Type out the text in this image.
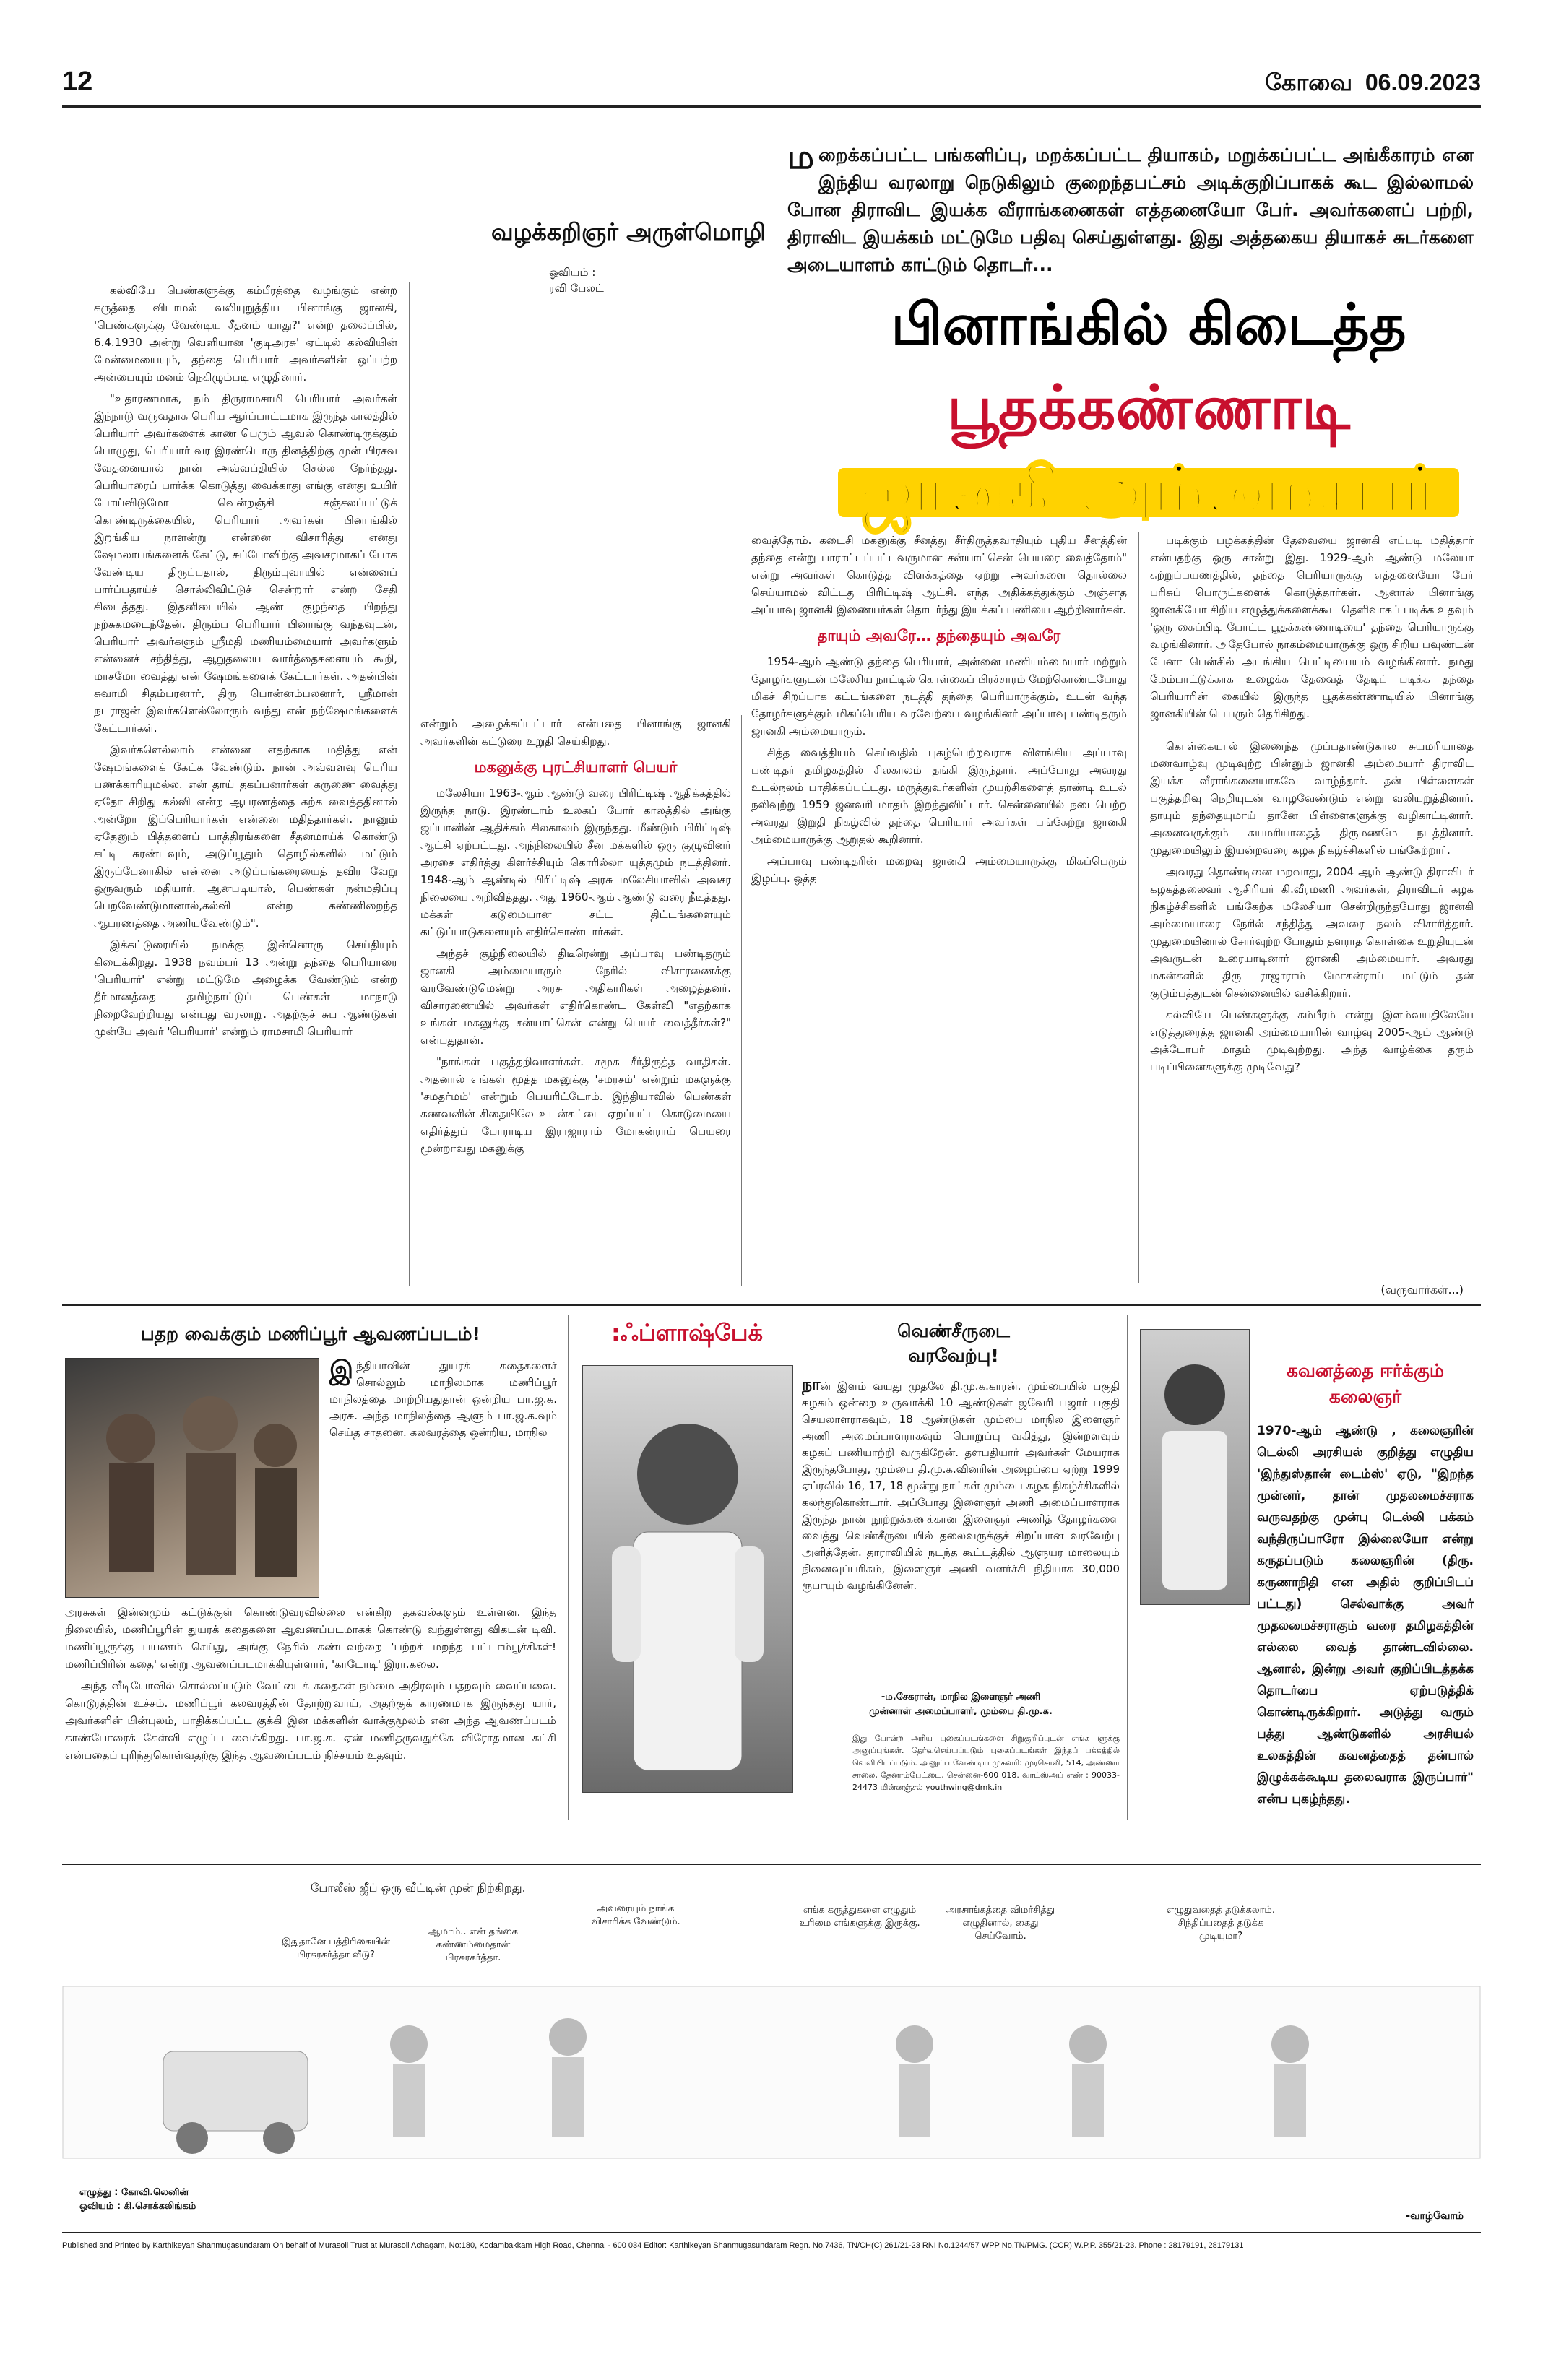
12	கோவை  06.09.2023
ம றைக்கப்பட்ட பங்களிப்பு, மறக்கப்பட்ட தியாகம், மறுக்கப்பட்ட அங்கீகாரம் என இந்திய வரலாறு நெடுகிலும் குறைந்தபட்சம் அடிக்குறிப்பாகக் கூட இல்லாமல் போன திராவிட இயக்க வீராங்கனைகள் எத்தனையோ பேர். அவர்களைப் பற்றி, திராவிட இயக்கம் மட்டுமே பதிவு செய்துள்ளது. இது அத்தகைய தியாகச் சுடர்களை அடையாளம் காட்டும் தொடர்...
வழக்கறிஞர் அருள்மொழி
ஓவியம் :
ரவி பேலட்
பினாங்கில் கிடைத்த
பூதக்கண்ணாடி
ஜானகி அம்மையார்

கல்வியே பெண்களுக்கு கம்பீரத்தை வழங்கும் என்ற கருத்தை விடாமல் வலியுறுத்திய பினாங்கு ஜானகி, 'பெண்களுக்கு வேண்டிய சீதனம் யாது?' என்ற தலைப்பில், 6.4.1930 அன்று வெளியான 'குடிஅரசு' ஏட்டில் கல்வியின் மேன்மையையும், தந்தை பெரியார் அவர்களின் ஒப்பற்ற அன்பையும் மனம் நெகிழும்படி எழுதினார்.

"உதாரணமாக, நம் திருராமசாமி பெரியார் அவர்கள் இந்நாடு வருவதாக பெரிய ஆர்ப்பாட்டமாக இருந்த காலத்தில் பெரியார் அவர்களைக் காண பெரும் ஆவல் கொண்டிருக்கும் பொழுது, பெரியார் வர இரண்டொரு தினத்திற்கு முன் பிரசவ வேதனையால் நான் அவ்வப்தியில் செல்ல நேர்ந்தது. பெரியாரைப் பார்க்க கொடுத்து வைக்காது எங்கு எனது உயிர் போய்விடுமோ வென்றஞ்சி சஞ்சலப்பட்டுக் கொண்டிருக்கையில், பெரியார் அவர்கள் பினாங்கில் இறங்கிய நாளன்று என்னை விசாரித்து எனது ஷேமலாபங்களைக் கேட்டு, சுப்போவிற்கு அவசரமாகப் போக வேண்டிய திருப்பதால், திரும்புவாயில் என்னைப் பார்ப்பதாய்ச் சொல்லிவிட்டுச் சென்றார் என்ற சேதி கிடைத்தது. இதனிடையில் ஆண் குழந்தை பிறந்து நற்சுகமடைந்தேன். திரும்ப பெரியார் பினாங்கு வந்தவுடன், பெரியார் அவர்களும் ஸ்ரீமதி மணியம்மையார் அவர்களும் என்னைச் சந்தித்து, ஆறுதலைய வார்த்தைகளையும் கூறி, மாசமோ வைத்து என் ஷேமங்களைக் கேட்டார்கள். அதன்பின் சுவாமி சிதம்பரனார், திரு பொன்னம்பலனார், ஸ்ரீமான் நடராஜன் இவர்களெல்லோரும் வந்து என் நற்ஷேமங்களைக் கேட்டார்கள்.

இவர்களெல்லாம் என்னை எதற்காக மதித்து என் ஷேமங்களைக் கேட்க வேண்டும். நான் அவ்வளவு பெரிய பணக்காரியுமல்ல. என் தாய் தகப்பனார்கள் கருணை வைத்து ஏதோ சிறிது கல்வி என்ற ஆபரணத்தை கற்க வைத்ததினால் அன்றோ இப்பெரியார்கள் என்னை மதித்தார்கள். நானும் ஏதேனும் பித்தளைப் பாத்திரங்களை சீதனமாய்க் கொண்டு சட்டி சுரண்டவும், அடுப்பூதும் தொழில்களில் மட்டும் இருப்பேனாகில் என்னை அடுப்பங்கரையைத் தவிர வேறு ஒருவரும் மதியார். ஆனபடியால், பெண்கள் நன்மதிப்பு பெறவேண்டுமானால்,கல்வி என்ற கண்ணிறைந்த ஆபரணத்தை அணியவேண்டும்".

இக்கட்டுரையில் நமக்கு இன்னொரு செய்தியும் கிடைக்கிறது. 1938 நவம்பர் 13 அன்று தந்தை பெரியாரை 'பெரியார்' என்று மட்டுமே அழைக்க வேண்டும் என்ற தீர்மானத்தை தமிழ்நாட்டுப் பெண்கள் மாநாடு நிறைவேற்றியது என்பது வரலாறு. அதற்குச் சுப ஆண்டுகள் முன்பே அவர் 'பெரியார்' என்றும் ராமசாமி பெரியார்

என்றும் அழைக்கப்பட்டார் என்பதை பினாங்கு ஜானகி அவர்களின் கட்டுரை உறுதி செய்கிறது.

மகனுக்கு புரட்சியாளர் பெயர்

மலேசியா 1963-ஆம் ஆண்டு வரை பிரிட்டிஷ் ஆதிக்கத்தில் இருந்த நாடு. இரண்டாம் உலகப் போர் காலத்தில் அங்கு ஜப்பானின் ஆதிக்கம் சிலகாலம் இருந்தது. மீண்டும் பிரிட்டிஷ் ஆட்சி ஏற்பட்டது. அந்நிலையில் சீன மக்களில் ஒரு குழுவினர் அரசை எதிர்த்து கிளர்ச்சியும் கொரில்லா யுத்தமும் நடத்தினர். 1948-ஆம் ஆண்டில் பிரிட்டிஷ் அரசு மலேசியாவில் அவசர நிலையை அறிவித்தது. அது 1960-ஆம் ஆண்டு வரை நீடித்தது. மக்கள் கடுமையான சட்ட திட்டங்களையும் கட்டுப்பாடுகளையும் எதிர்கொண்டார்கள்.

அந்தச் சூழ்நிலையில் திடீரென்று அப்பாவு பண்டிதரும் ஜானகி அம்மையாரும் நேரில் விசாரணைக்கு வரவேண்டுமென்று அரசு அதிகாரிகள் அழைத்தனர். விசாரணையில் அவர்கள் எதிர்கொண்ட கேள்வி "எதற்காக உங்கள் மகனுக்கு சன்யாட்சென் என்று பெயர் வைத்தீர்கள்?" என்பதுதான்.

"நாங்கள் பகுத்தறிவாளர்கள். சமூக சீர்திருத்த வாதிகள். அதனால் எங்கள் மூத்த மகனுக்கு 'சமரசம்' என்றும் மகளுக்கு 'சமதர்மம்' என்றும் பெயரிட்டோம். இந்தியாவில் பெண்கள் கணவனின் சிதையிலே உடன்கட்டை ஏறப்பட்ட கொடுமையை எதிர்த்துப் போராடிய இராஜாராம் மோகன்ராய் பெயரை மூன்றாவது மகனுக்கு

வைத்தோம். கடைசி மகனுக்கு சீனத்து சீர்திருத்தவாதியும் புதிய சீனத்தின் தந்தை என்று பாராட்டப்பட்டவருமான சன்யாட்சென் பெயரை வைத்தோம்" என்று அவர்கள் கொடுத்த விளக்கத்தை ஏற்று அவர்களை தொல்லை செய்யாமல் விட்டது பிரிட்டிஷ் ஆட்சி. எந்த அதிக்கத்துக்கும் அஞ்சாத அப்பாவு ஜானகி இணையர்கள் தொடர்ந்து இயக்கப் பணியை ஆற்றினார்கள்.

தாயும் அவரே… தந்தையும் அவரே

1954-ஆம் ஆண்டு தந்தை பெரியார், அன்னை மணியம்மையார் மற்றும் தோழர்களுடன் மலேசிய நாட்டில் கொள்கைப் பிரச்சாரம் மேற்கொண்டபோது மிகச் சிறப்பாக கட்டங்களை நடத்தி தந்தை பெரியாருக்கும், உடன் வந்த தோழர்களுக்கும் மிகப்பெரிய வரவேற்பை வழங்கினர் அப்பாவு பண்டிதரும் ஜானகி அம்மையாரும்.

சித்த வைத்தியம் செய்வதில் புகழ்பெற்றவராக விளங்கிய அப்பாவு பண்டிதர் தமிழகத்தில் சிலகாலம் தங்கி இருந்தார். அப்போது அவரது உடல்நலம் பாதிக்கப்பட்டது. மருத்துவர்களின் முயற்சிகளைத் தாண்டி உடல் நலிவுற்று 1959 ஜனவரி மாதம் இறந்துவிட்டார். சென்னையில் நடைபெற்ற அவரது இறுதி நிகழ்வில் தந்தை பெரியார் அவர்கள் பங்கேற்று ஜானகி அம்மையாருக்கு ஆறுதல் கூறினார்.

அப்பாவு பண்டிதரின் மறைவு ஜானகி அம்மையாருக்கு மிகப்பெரும் இழப்பு. ஒத்த

படிக்கும் பழக்கத்தின் தேவையை ஜானகி எப்படி மதித்தார் என்பதற்கு ஒரு சான்று இது. 1929-ஆம் ஆண்டு மலேயா சுற்றுப்பயணத்தில், தந்தை பெரியாருக்கு எத்தனையோ பேர் பரிசுப் பொருட்களைக் கொடுத்தார்கள். ஆனால் பினாங்கு ஜானகியோ சிறிய எழுத்துக்களைக்கூட தெளிவாகப் படிக்க உதவும் 'ஒரு கைப்பிடி போட்ட பூதக்கண்ணாடியை' தந்தை பெரியாருக்கு வழங்கினார். அதேபோல் நாகம்மையாருக்கு ஒரு சிறிய பவுண்டன் பேனா பென்சில் அடங்கிய பெட்டியையும் வழங்கினார். நமது மேம்பாட்டுக்காக உழைக்க தேவைத் தேடிப் படிக்க தந்தை பெரியாரின் கையில் இருந்த பூதக்கண்ணாடியில் பினாங்கு ஜானகியின் பெயரும் தெரிகிறது.

கொள்கையால் இணைந்த முப்பதாண்டுகால சுயமரியாதை மணவாழ்வு முடிவுற்ற பின்னும் ஜானகி அம்மையார் திராவிட இயக்க வீராங்கனையாகவே வாழ்ந்தார். தன் பிள்ளைகள் பகுத்தறிவு நெறியுடன் வாழவேண்டும் என்று வலியுறுத்தினார். தாயும் தந்தையுமாய் தானே பிள்ளைகளுக்கு வழிகாட்டினார். அனைவருக்கும் சுயமரியாதைத் திருமணமே நடத்தினார். முதுமையிலும் இயன்றவரை கழக நிகழ்ச்சிகளில் பங்கேற்றார்.

அவரது தொண்டினை மறவாது, 2004 ஆம் ஆண்டு திராவிடர் கழகத்தலைவர் ஆசிரியர் கி.வீரமணி அவர்கள், திராவிடர் கழக நிகழ்ச்சிகளில் பங்கேற்க மலேசியா சென்றிருந்தபோது ஜானகி அம்மையாரை நேரில் சந்தித்து அவரை நலம் விசாரித்தார். முதுமையினால் சோர்வுற்ற போதும் தளராத கொள்கை உறுதியுடன் அவருடன் உரையாடினார் ஜானகி அம்மையார். அவரது மகன்களில் திரு ராஜாராம் மோகன்ராய் மட்டும் தன் குடும்பத்துடன் சென்னையில் வசிக்கிறார்.

கல்வியே பெண்களுக்கு கம்பீரம் என்று இளம்வயதிலேயே எடுத்துரைத்த ஜானகி அம்மையாரின் வாழ்வு 2005-ஆம் ஆண்டு அக்டோபர் மாதம் முடிவுற்றது. அந்த வாழ்க்கை தரும் படிப்பினைகளுக்கு முடிவேது?

(வருவார்கள்...)
பதற வைக்கும் மணிப்பூர் ஆவணப்படம்!
இ ந்தியாவின் துயரக் கதைகளைச் சொல்லும் மாநிலமாக மணிப்பூர் மாநிலத்தை மாற்றியதுதான் ஒன்றிய பா.ஜ.க. அரசு. அந்த மாநிலத்தை ஆளும் பா.ஜ.க.வும் செய்த சாதனை. கலவரத்தை ஒன்றிய, மாநில

அரசுகள் இன்னமும் கட்டுக்குள் கொண்டுவரவில்லை என்கிற தகவல்களும் உள்ளன. இந்த நிலையில், மணிப்பூரின் துயரக் கதைகளை ஆவணப்படமாகக் கொண்டு வந்துள்ளது விகடன் டிவி. மணிப்பூருக்கு பயணம் செய்து, அங்கு நேரில் கண்டவற்றை 'பற்றக் மறந்த பட்டாம்பூச்சிகள்! மணிப்பிரின் கதை' என்று ஆவணப்படமாக்கியுள்ளார், 'காடோடி' இரா.கலை.

அந்த வீடியோவில் சொல்லப்படும் வேட்டைக் கதைகள் நம்மை அதிரவும் பதறவும் வைப்பவை. கொடூரத்தின் உச்சம். மணிப்பூர் கலவரத்தின் தோற்றுவாய், அதற்குக் காரணமாக இருந்தது யார், அவர்களின் பின்புலம், பாதிக்கப்பட்ட குக்கி இன மக்களின் வாக்குமூலம் என அந்த ஆவணப்படம் காண்போரைக் கேள்வி எழுப்ப வைக்கிறது. பா.ஜ.க. ஏன் மணிதருவதுக்கே விரோதமான கட்சி என்பதைப் புரிந்துகொள்வதற்கு இந்த ஆவணப்படம் நிச்சயம் உதவும்.

:ஃப்ளாஷ்பேக்	வெண்சீருடை
வரவேற்பு!
நான் இளம் வயது முதலே தி.மு.க.காரன். மும்பையில் பகுதி கழகம் ஒன்றை உருவாக்கி 10 ஆண்டுகள் ஜவேரி பஜார் பகுதி செயலாளராகவும், 18 ஆண்டுகள் மும்பை மாநில இளைஞர் அணி அமைப்பாளராகவும் பொறுப்பு வகித்து, இன்றளவும் கழகப் பணியாற்றி வருகிறேன். தளபதியார் அவர்கள் மேயராக இருந்தபோது, மும்பை தி.மு.க.வினரின் அழைப்பை ஏற்று 1999 ஏப்ரலில் 16, 17, 18 மூன்று நாட்கள் மும்பை கழக நிகழ்ச்சிகளில் கலந்துகொண்டார். அப்போது இளைஞர் அணி அமைப்பாளராக இருந்த நான் நூற்றுக்கணக்கான இளைஞர் அணித் தோழர்களை வைத்து வெண்சீருடையில் தலைவருக்குச் சிறப்பான வரவேற்பு அளித்தேன். தாராவியில் நடந்த கூட்டத்தில் ஆளுயர மாலையும் நினைவுப்பரிசும், இளைஞர் அணி வளர்ச்சி நிதியாக 30,000 ரூபாயும் வழங்கினேன்.
-ம.சேகரான், மாநில இளைஞர் அணி
முன்னாள் அமைப்பாளர், மும்பை தி.மு.க.
இது போன்ற அரிய புகைப்படங்களை சிறுகுறிப்புடன் எங்க ளுக்கு அனுப்புங்கள். தேர்வுசெய்யப்படும் புகைப்படங்கள் இந்தப் பக்கத்தில் வெளியிடப்படும். அனுப்ப வேண்டிய முகவரி: முரசொலி, 514, அண்ணா சாலை, தேனாம்பேட்டை, சென்னை-600 018. வாட்ஸ்அப் எண் : 90033-24473 மின்னஞ்சல் youthwing@dmk.in
கவனத்தை ஈர்க்கும்
கலைஞர்
1970-ஆம் ஆண்டு , கலைஞரின் டெல்லி அரசியல் குறித்து எழுதிய 'இந்துஸ்தான் டைம்ஸ்' ஏடு, "இறந்த முன்னர், தான் முதலமைச்சராக வருவதற்கு முன்பு டெல்லி பக்கம் வந்திருப்பாரோ இல்லையோ என்று கருதப்படும் கலைஞரின் (திரு. கருணாநிதி என அதில் குறிப்பிடப் பட்டது) செல்வாக்கு அவர் முதலமைச்சராகும் வரை தமிழகத்தின் எல்லை வைத் தாண்டவில்லை. ஆனால், இன்று அவர் குறிப்பிடத்தக்க தொடர்பை ஏற்படுத்திக் கொண்டிருக்கிறார். அடுத்து வரும் பத்து ஆண்டுகளில் அரசியல் உலகத்தின் கவனத்தைத் தன்பால் இழுக்கக்கூடிய தலைவராக இருப்பார்" என்ப புகழ்ந்தது.
போலீஸ் ஜீப் ஒரு வீட்டின் முன் நிற்கிறது.
இதுதானே பத்திரிகையின் பிரசுரகர்த்தா வீடு?
ஆமாம்.. என் தங்கை கண்ணம்மைதான் பிரசுரகர்த்தா.
அவரையும் நாங்க விசாரிக்க வேண்டும்.
எங்க கருத்துகளை எழுதும் உரிமை எங்களுக்கு இருக்கு.
அரசாங்கத்தை விமர்சித்து எழுதினால், கைது செய்வோம்.
எழுதுவதைத் தடுக்கலாம். சிந்திப்பதைத் தடுக்க முடியுமா?
எழுத்து : கோவி.லெனின்
ஓவியம் : கி.சொக்கலிங்கம்
-வாழ்வோம்
Published and Printed by Karthikeyan Shanmugasundaram On behalf of Murasoli Trust at Murasoli Achagam, No:180, Kodambakkam High Road, Chennai - 600 034 Editor: Karthikeyan Shanmugasundaram Regn. No.7436, TN/CH(C) 261/21-23 RNI No.1244/57 WPP No.TN/PMG. (CCR) W.P.P. 355/21-23. Phone : 28179191, 28179131
